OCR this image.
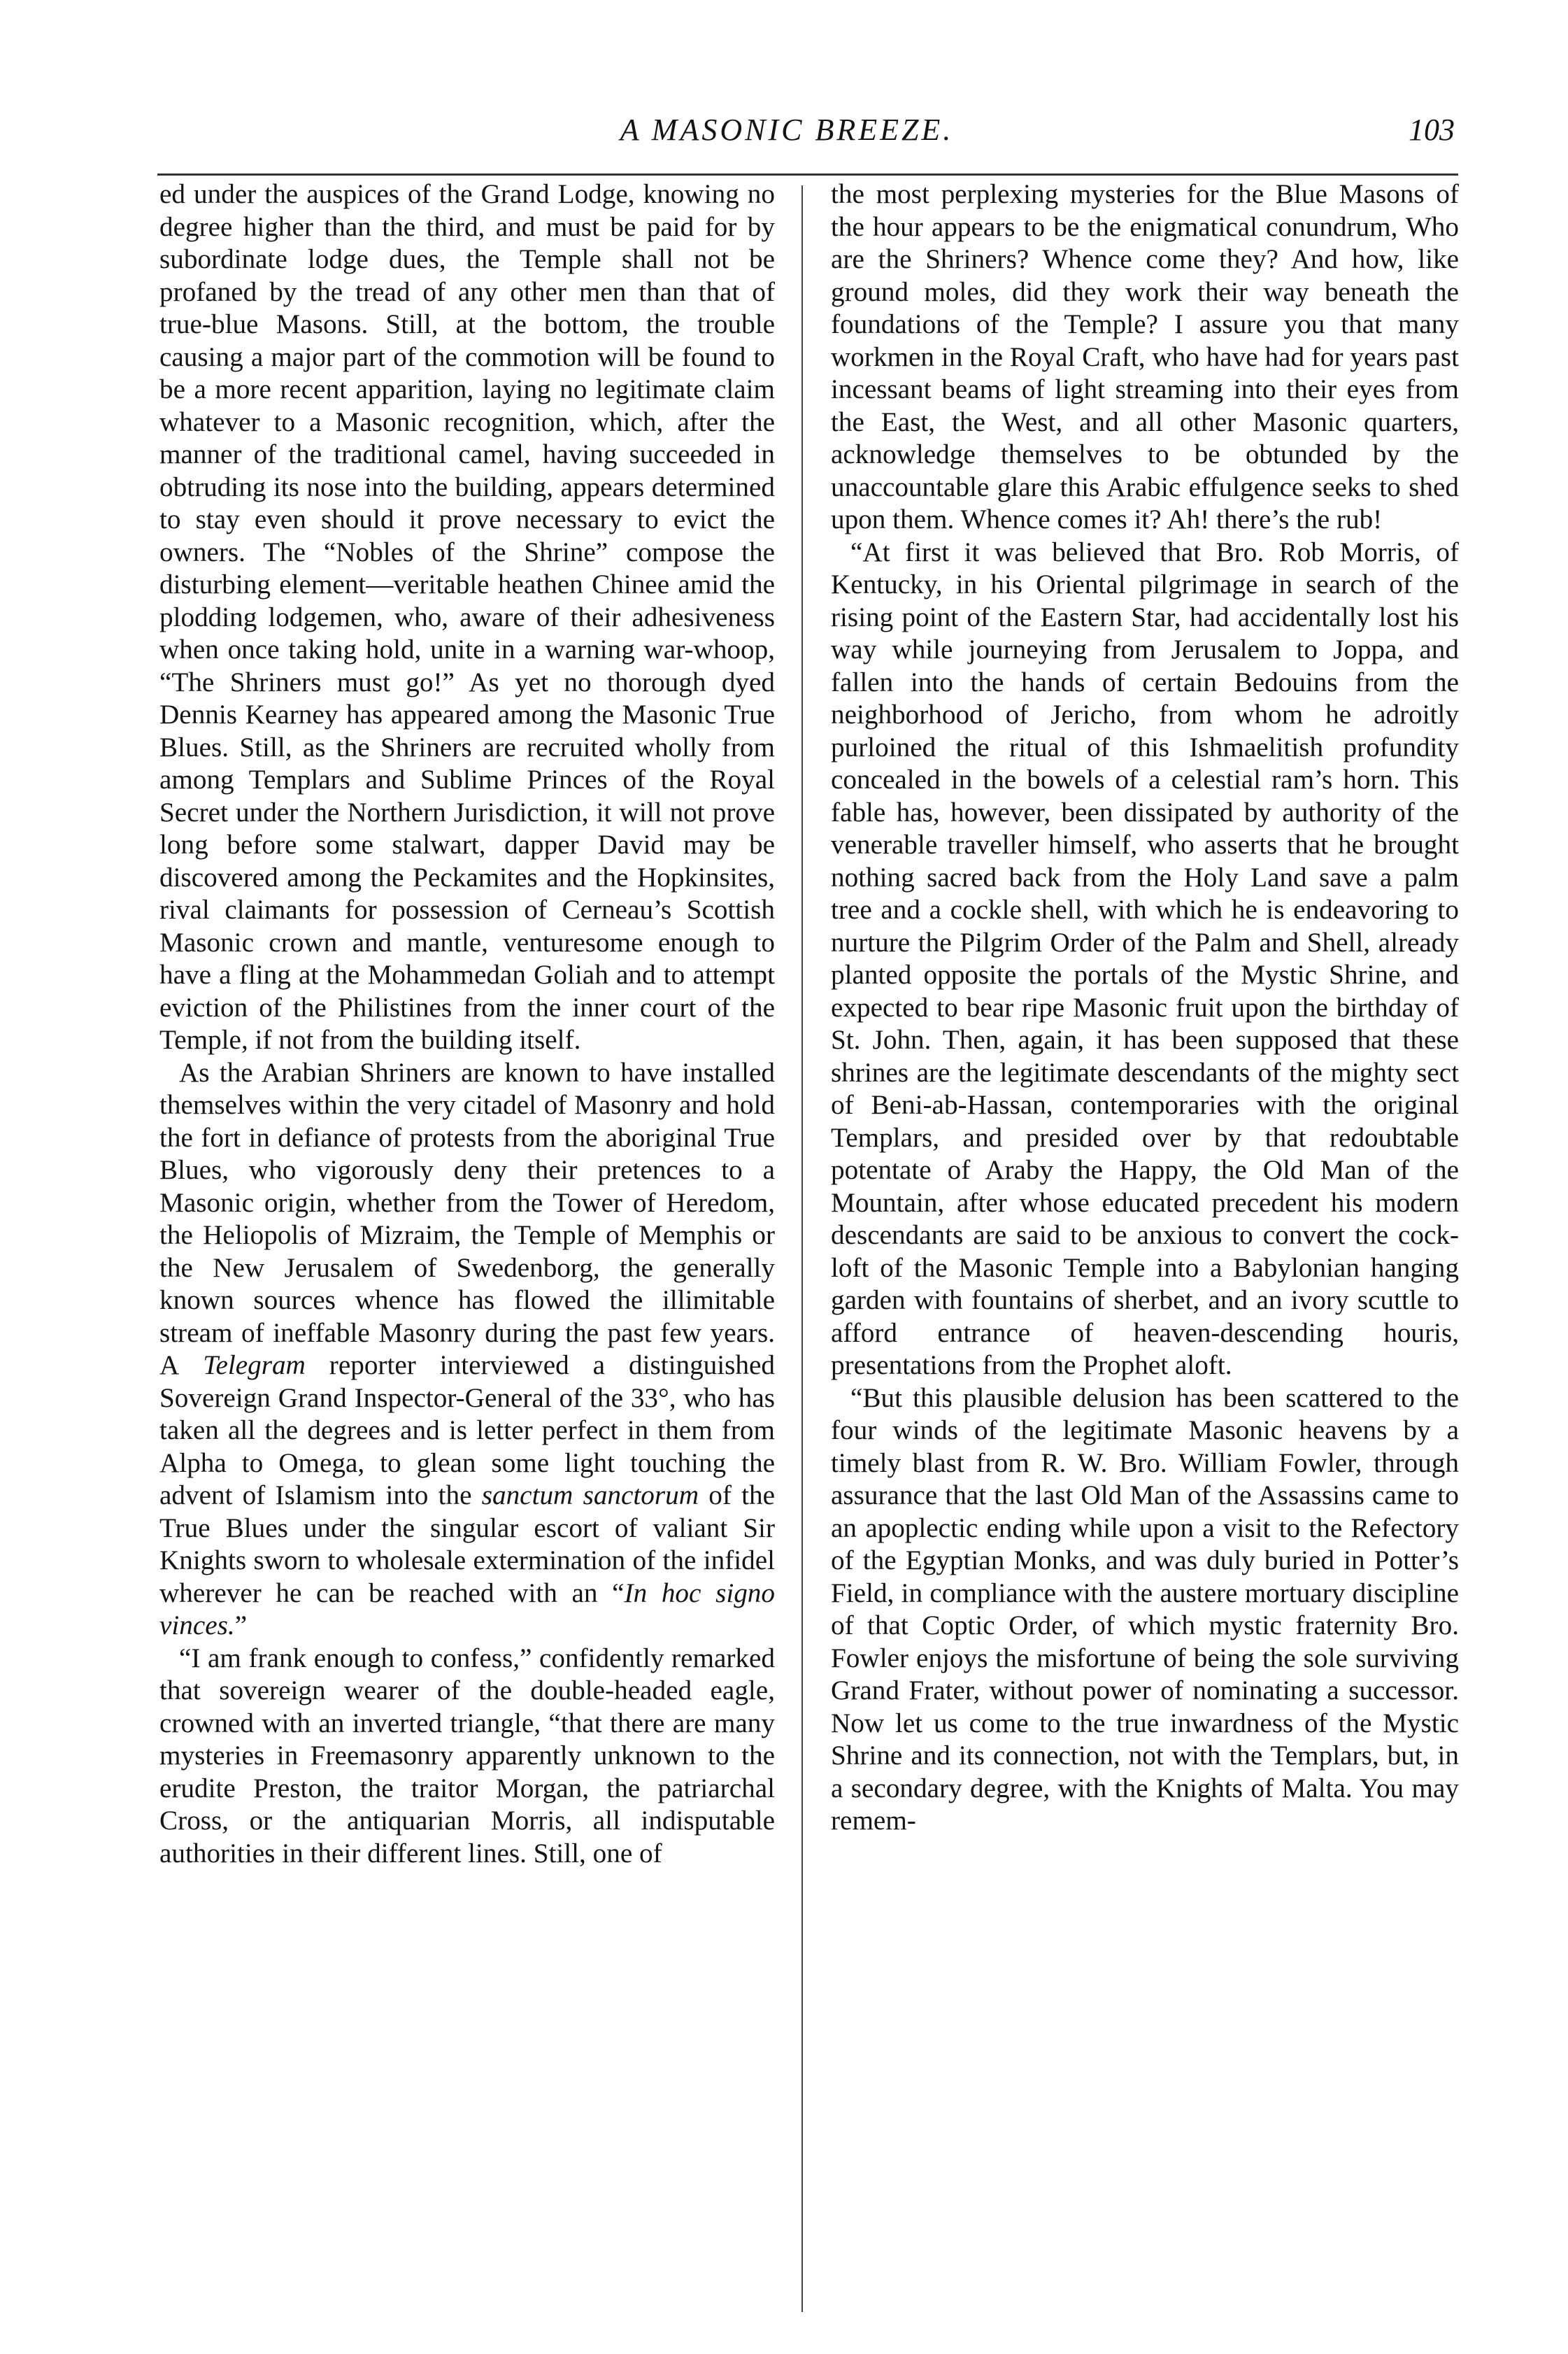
A MASONIC BREEZE.	103

ed under the auspices of the Grand Lodge, knowing no degree higher than the third, and must be paid for by subordinate lodge dues, the Temple shall not be profaned by the tread of any other men than that of true-blue Masons. Still, at the bottom, the trouble causing a major part of the commotion will be found to be a more recent apparition, laying no legitimate claim whatever to a Masonic recognition, which, after the manner of the traditional camel, having succeeded in obtruding its nose into the building, appears determined to stay even should it prove necessary to evict the owners. The “Nobles of the Shrine” compose the disturbing element—veritable heathen Chinee amid the plodding lodgemen, who, aware of their adhesiveness when once taking hold, unite in a warning war-whoop, “The Shriners must go!” As yet no thorough dyed Dennis Kearney has appeared among the Masonic True Blues. Still, as the Shriners are recruited wholly from among Templars and Sublime Princes of the Royal Secret under the Northern Jurisdiction, it will not prove long before some stalwart, dapper David may be discovered among the Peckamites and the Hopkinsites, rival claimants for possession of Cerneau’s Scottish Masonic crown and mantle, venturesome enough to have a fling at the Mohammedan Goliah and to attempt eviction of the Philistines from the inner court of the Temple, if not from the building itself.

As the Arabian Shriners are known to have installed themselves within the very citadel of Masonry and hold the fort in defiance of protests from the aboriginal True Blues, who vigorously deny their pretences to a Masonic origin, whether from the Tower of Heredom, the Heliopolis of Mizraim, the Temple of Memphis or the New Jerusalem of Swedenborg, the generally known sources whence has flowed the illimitable stream of ineffable Masonry during the past few years. A Telegram reporter interviewed a distinguished Sovereign Grand Inspector-General of the 33°, who has taken all the degrees and is letter perfect in them from Alpha to Omega, to glean some light touching the advent of Islamism into the sanctum sanctorum of the True Blues under the singular escort of valiant Sir Knights sworn to wholesale extermination of the infidel wherever he can be reached with an “In hoc signo vinces.”

“I am frank enough to confess,” confidently remarked that sovereign wearer of the double-headed eagle, crowned with an inverted triangle, “that there are many mysteries in Freemasonry apparently unknown to the erudite Preston, the traitor Morgan, the patriarchal Cross, or the antiquarian Morris, all indisputable authorities in their different lines. Still, one of

the most perplexing mysteries for the Blue Masons of the hour appears to be the enigmatical conundrum, Who are the Shriners? Whence come they? And how, like ground moles, did they work their way beneath the foundations of the Temple? I assure you that many workmen in the Royal Craft, who have had for years past incessant beams of light streaming into their eyes from the East, the West, and all other Masonic quarters, acknowledge themselves to be obtunded by the unaccountable glare this Arabic effulgence seeks to shed upon them. Whence comes it? Ah! there’s the rub!

“At first it was believed that Bro. Rob Morris, of Kentucky, in his Oriental pilgrimage in search of the rising point of the Eastern Star, had accidentally lost his way while journeying from Jerusalem to Joppa, and fallen into the hands of certain Bedouins from the neighborhood of Jericho, from whom he adroitly purloined the ritual of this Ishmaelitish profundity concealed in the bowels of a celestial ram’s horn. This fable has, however, been dissipated by authority of the venerable traveller himself, who asserts that he brought nothing sacred back from the Holy Land save a palm tree and a cockle shell, with which he is endeavoring to nurture the Pilgrim Order of the Palm and Shell, already planted opposite the portals of the Mystic Shrine, and expected to bear ripe Masonic fruit upon the birthday of St. John. Then, again, it has been supposed that these shrines are the legitimate descendants of the mighty sect of Beni-ab-Hassan, contemporaries with the original Templars, and presided over by that redoubtable potentate of Araby the Happy, the Old Man of the Mountain, after whose educated precedent his modern descendants are said to be anxious to convert the cock-loft of the Masonic Temple into a Babylonian hanging garden with fountains of sherbet, and an ivory scuttle to afford entrance of heaven-descending houris, presentations from the Prophet aloft.

“But this plausible delusion has been scattered to the four winds of the legitimate Masonic heavens by a timely blast from R. W. Bro. William Fowler, through assurance that the last Old Man of the Assassins came to an apoplectic ending while upon a visit to the Refectory of the Egyptian Monks, and was duly buried in Potter’s Field, in compliance with the austere mortuary discipline of that Coptic Order, of which mystic fraternity Bro. Fowler enjoys the misfortune of being the sole surviving Grand Frater, without power of nominating a successor. Now let us come to the true inwardness of the Mystic Shrine and its connection, not with the Templars, but, in a secondary degree, with the Knights of Malta. You may remem-
